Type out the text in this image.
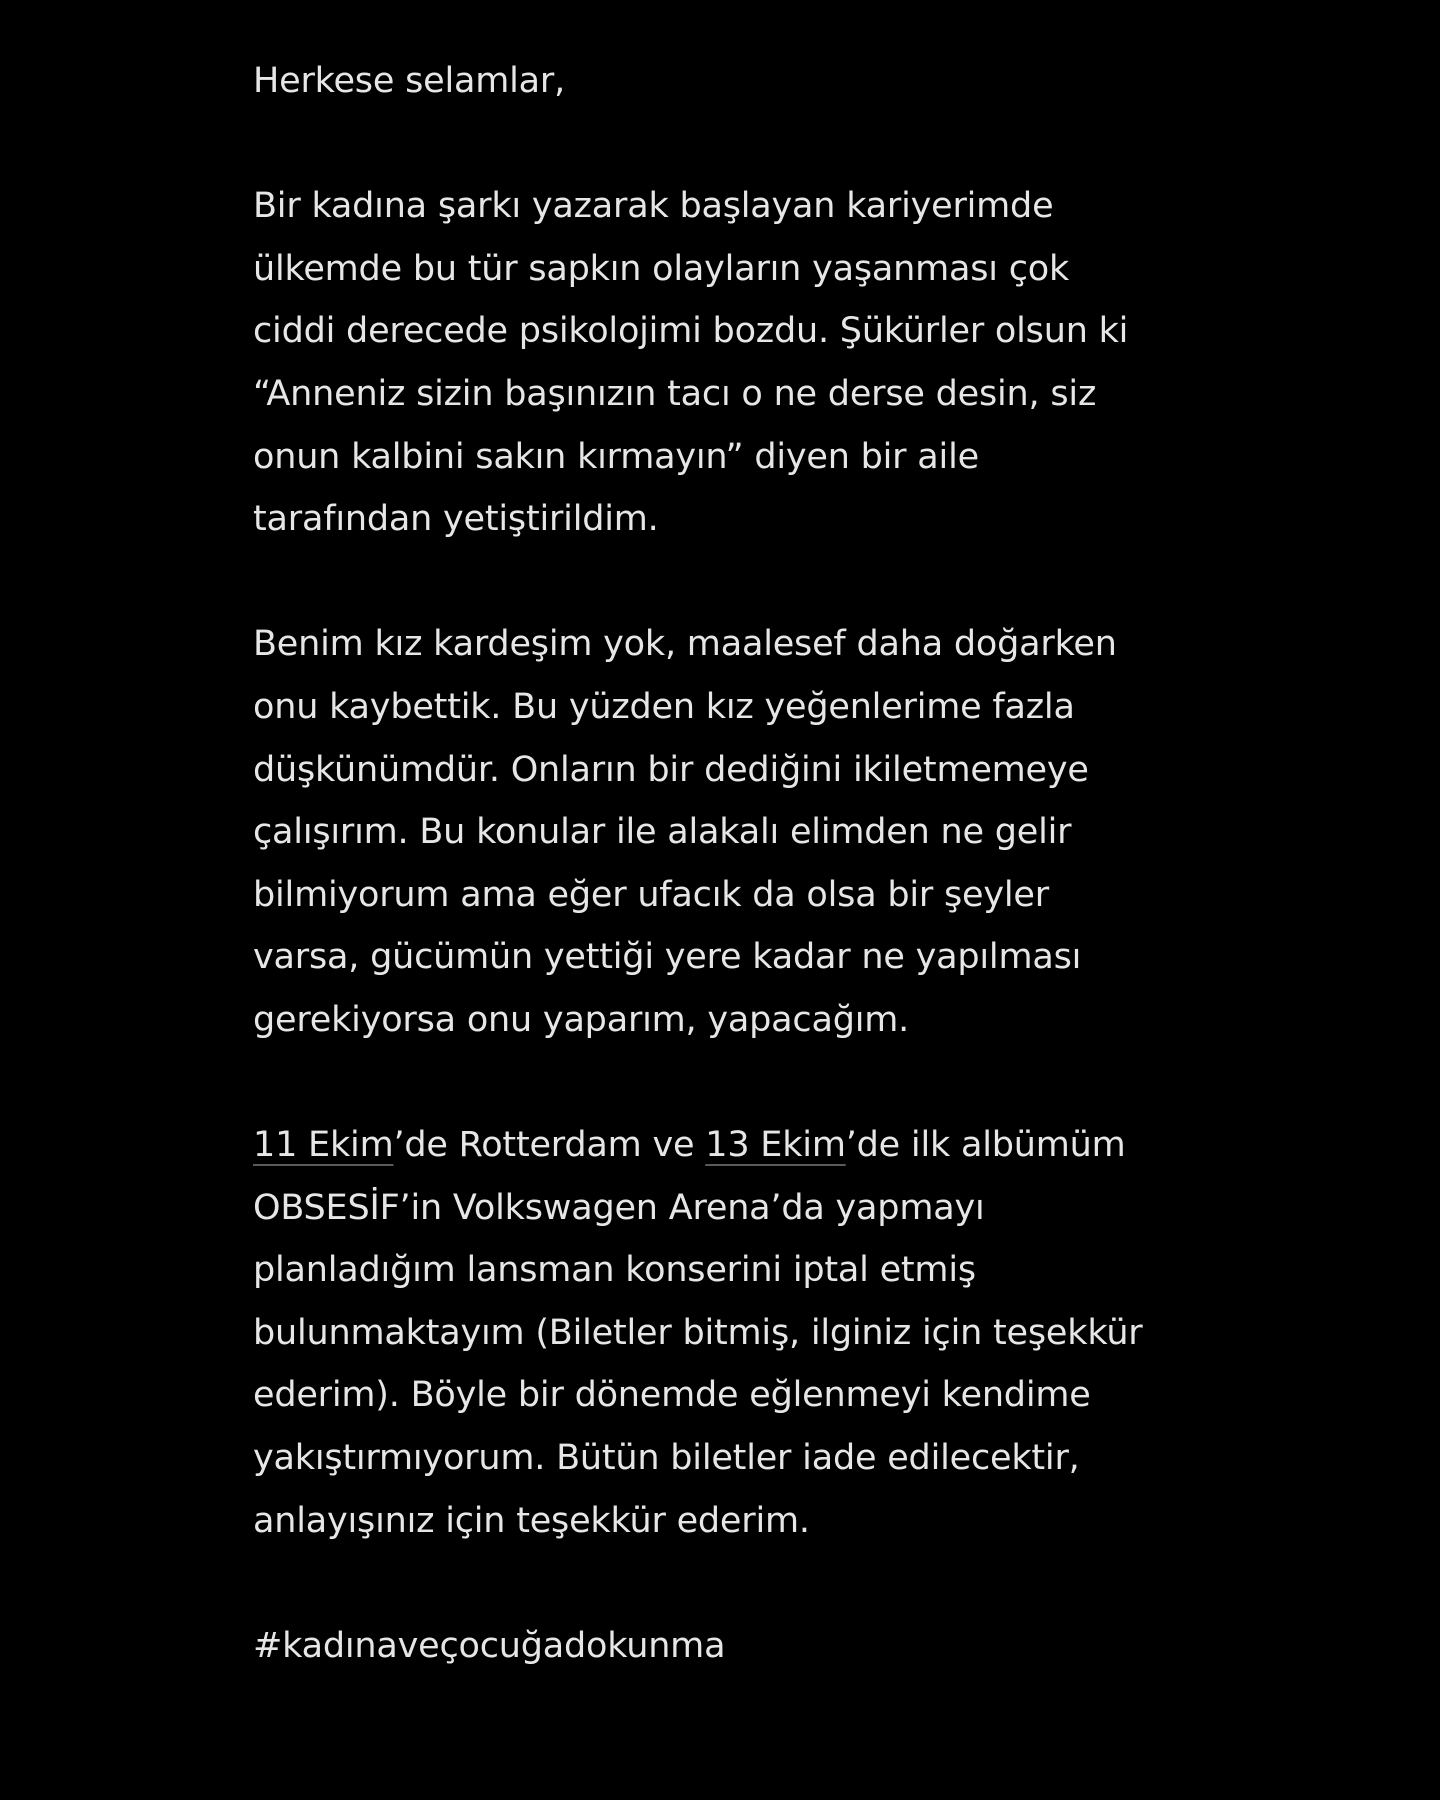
Herkese selamlar,
Bir kadına şarkı yazarak başlayan kariyerimde
ülkemde bu tür sapkın olayların yaşanması çok
ciddi derecede psikolojimi bozdu. Şükürler olsun ki
“Anneniz sizin başınızın tacı o ne derse desin, siz
onun kalbini sakın kırmayın” diyen bir aile
tarafından yetiştirildim.
Benim kız kardeşim yok, maalesef daha doğarken
onu kaybettik. Bu yüzden kız yeğenlerime fazla
düşkünümdür. Onların bir dediğini ikiletmemeye
çalışırım. Bu konular ile alakalı elimden ne gelir
bilmiyorum ama eğer ufacık da olsa bir şeyler
varsa, gücümün yettiği yere kadar ne yapılması
gerekiyorsa onu yaparım, yapacağım.
11 Ekim’de Rotterdam ve 13 Ekim’de ilk albümüm
OBSESİF’in Volkswagen Arena’da yapmayı
planladığım lansman konserini iptal etmiş
bulunmaktayım (Biletler bitmiş, ilginiz için teşekkür
ederim). Böyle bir dönemde eğlenmeyi kendime
yakıştırmıyorum. Bütün biletler iade edilecektir,
anlayışınız için teşekkür ederim.
#kadınaveçocuğadokunma
